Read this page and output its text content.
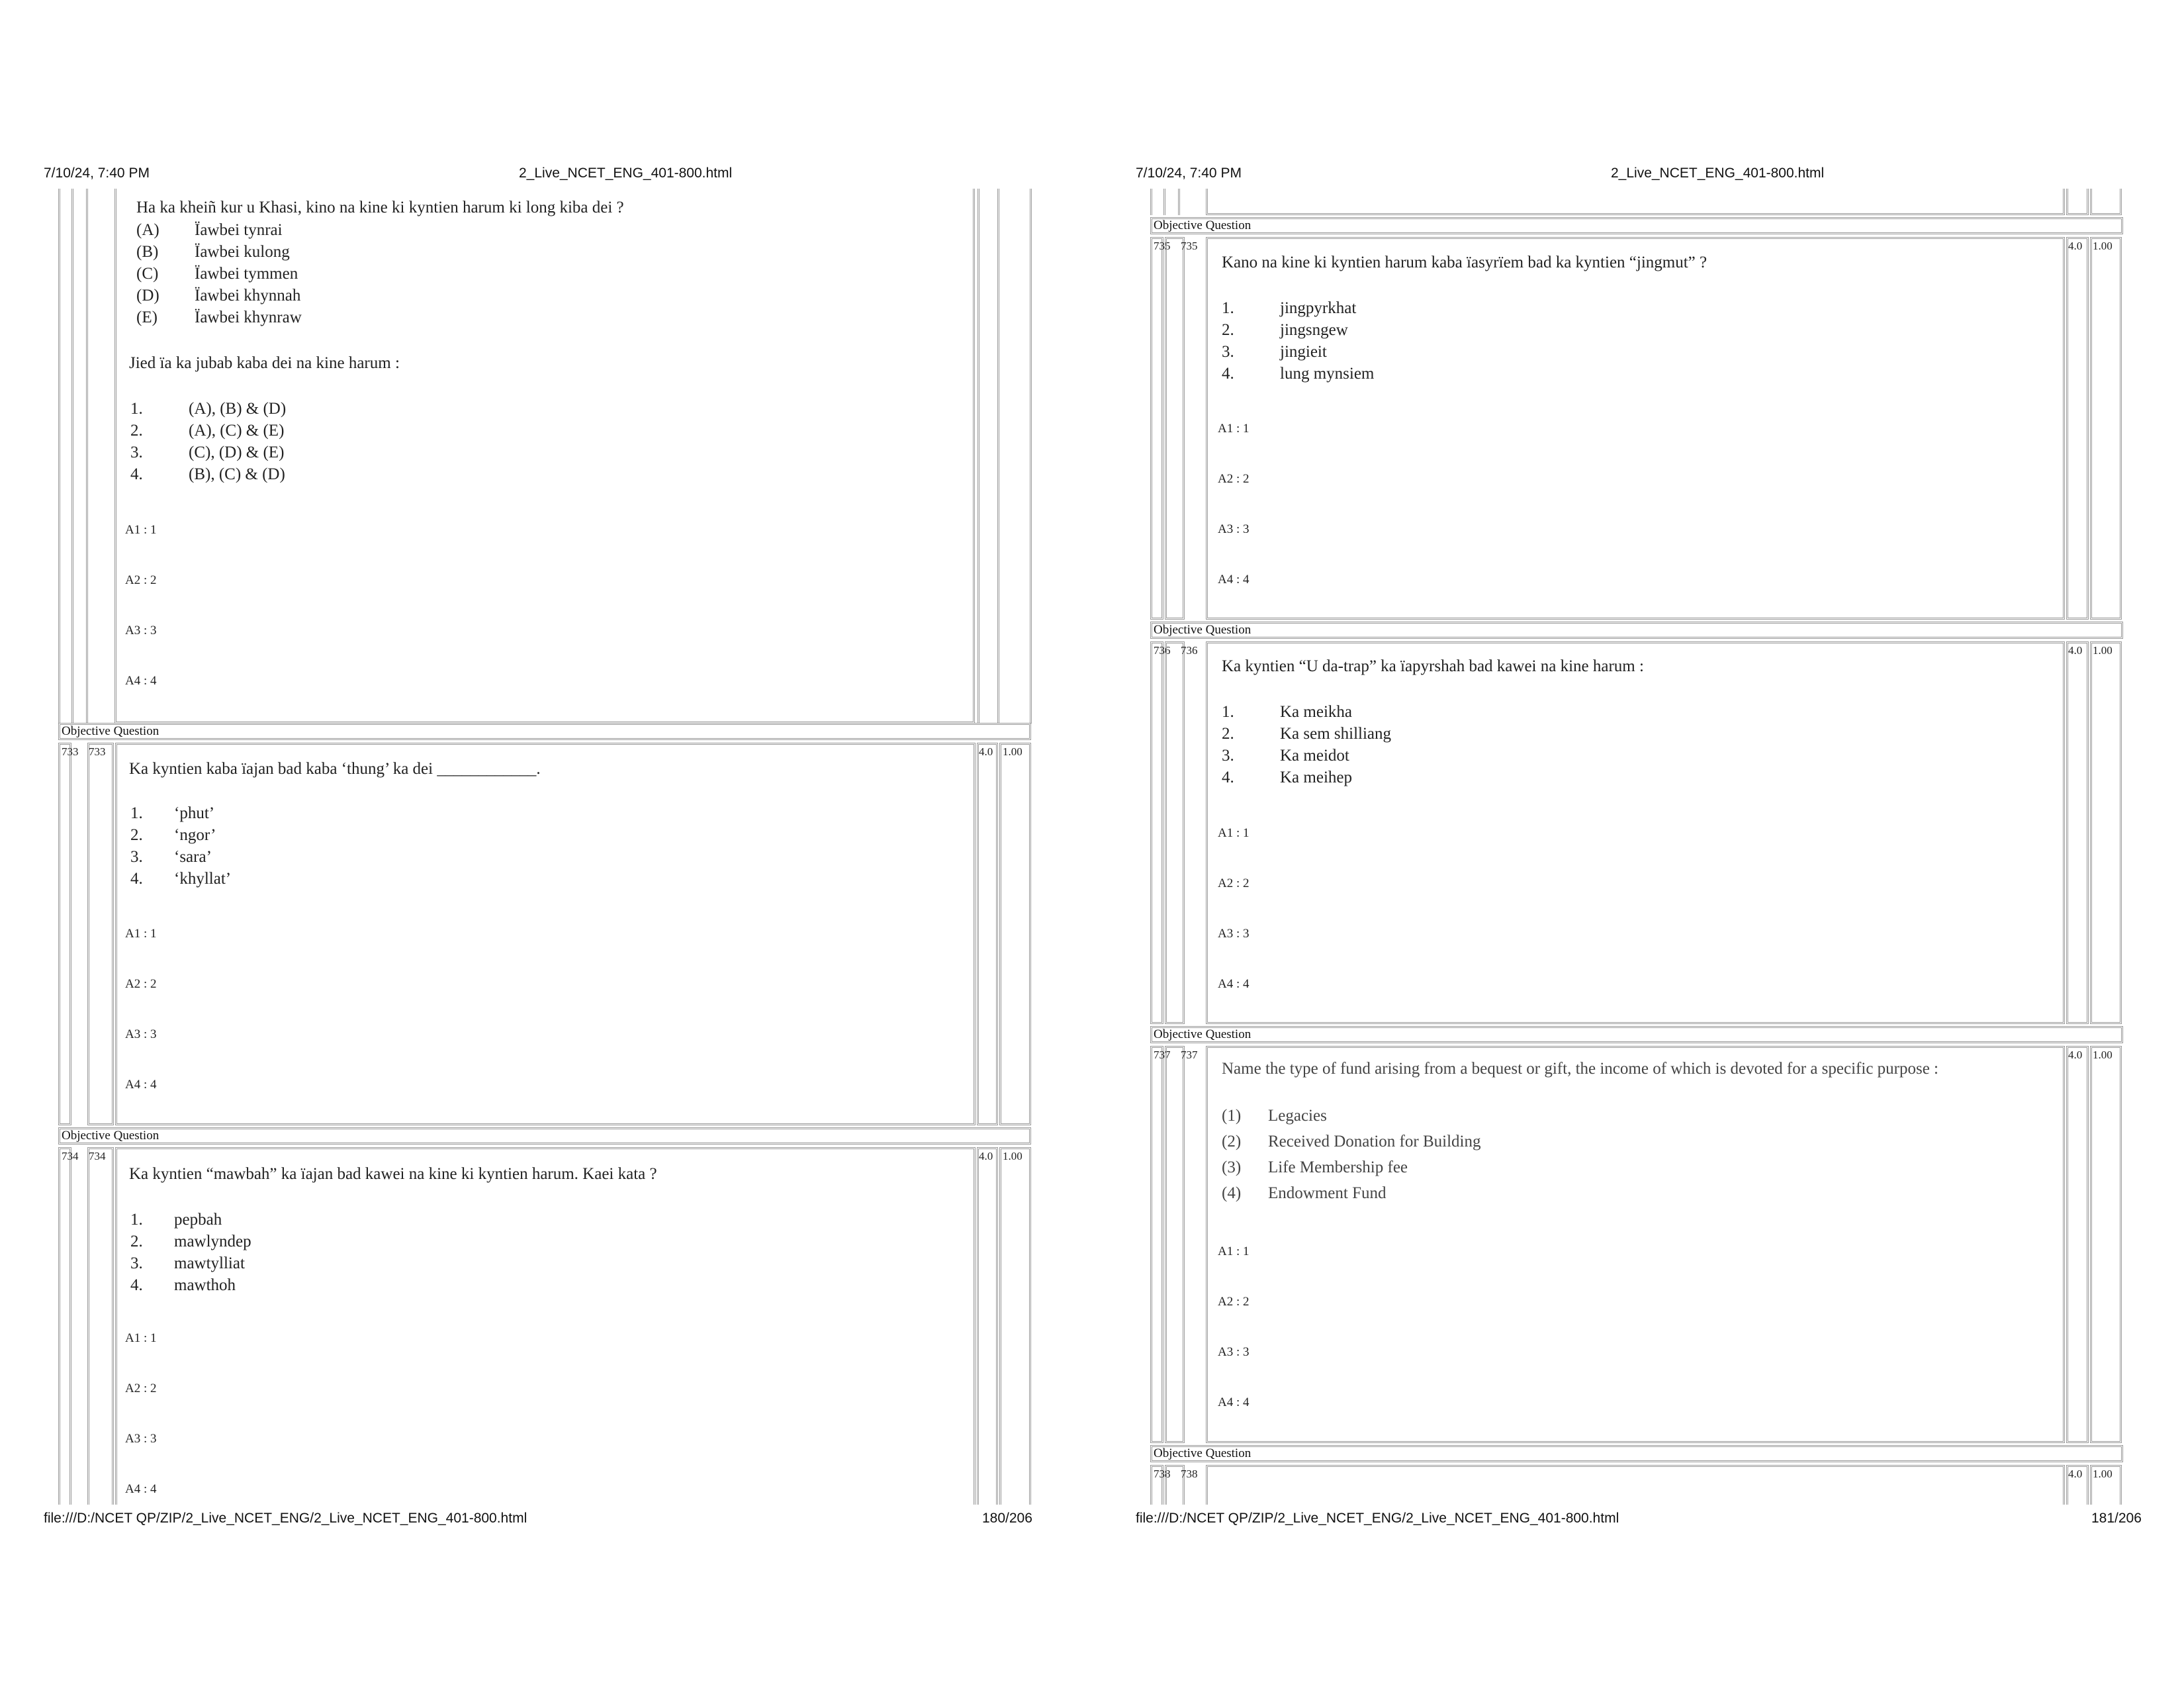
7/10/24, 7:40 PM	2_Live_NCET_ENG_401-800.html
Ha ka kheiñ kur u Khasi, kino na kine ki kyntien harum ki long kiba dei ?
(A) Ïawbei tynrai
(B) Ïawbei kulong
(C) Ïawbei tymmen
(D) Ïawbei khynnah
(E) Ïawbei khynraw
Jied ïa ka jubab kaba dei na kine harum :
1.	(A), (B) & (D)
2.	(A), (C) & (E)
3.	(C), (D) & (E)
4.	(B), (C) & (D)
A1 : 1
A2 : 2
A3 : 3
A4 : 4
Objective Question
733 733	4.0 1.00
Ka kyntien kaba ïajan bad kaba ‘thung’ ka dei ____________.
1. ‘phut’
2. ‘ngor’
3. ‘sara’
4. ‘khyllat’
A1 : 1
A2 : 2
A3 : 3
A4 : 4
Objective Question
734 734	4.0 1.00
Ka kyntien “mawbah” ka ïajan bad kawei na kine ki kyntien harum. Kaei kata ?
1. pepbah
2. mawlyndep
3. mawtylliat
4. mawthoh
A1 : 1
A2 : 2
A3 : 3
A4 : 4
file:///D:/NCET QP/ZIP/2_Live_NCET_ENG/2_Live_NCET_ENG_401-800.html	180/206
7/10/24, 7:40 PM	2_Live_NCET_ENG_401-800.html
Objective Question
735 735	4.0 1.00
Kano na kine ki kyntien harum kaba ïasyrïem bad ka kyntien “jingmut” ?
1.	jingpyrkhat
2.	jingsngew
3.	jingieit
4.	lung mynsiem
A1 : 1
A2 : 2
A3 : 3
A4 : 4
Objective Question
736 736	4.0 1.00
Ka kyntien “U da-trap” ka ïapyrshah bad kawei na kine harum :
1.	Ka meikha
2.	Ka sem shilliang
3.	Ka meidot
4.	Ka meihep
A1 : 1
A2 : 2
A3 : 3
A4 : 4
Objective Question
737 737	4.0 1.00
Name the type of fund arising from a bequest or gift, the income of which is devoted for a specific purpose :
(1) Legacies
(2) Received Donation for Building
(3) Life Membership fee
(4) Endowment Fund
A1 : 1
A2 : 2
A3 : 3
A4 : 4
Objective Question
738 738	4.0 1.00
file:///D:/NCET QP/ZIP/2_Live_NCET_ENG/2_Live_NCET_ENG_401-800.html	181/206
